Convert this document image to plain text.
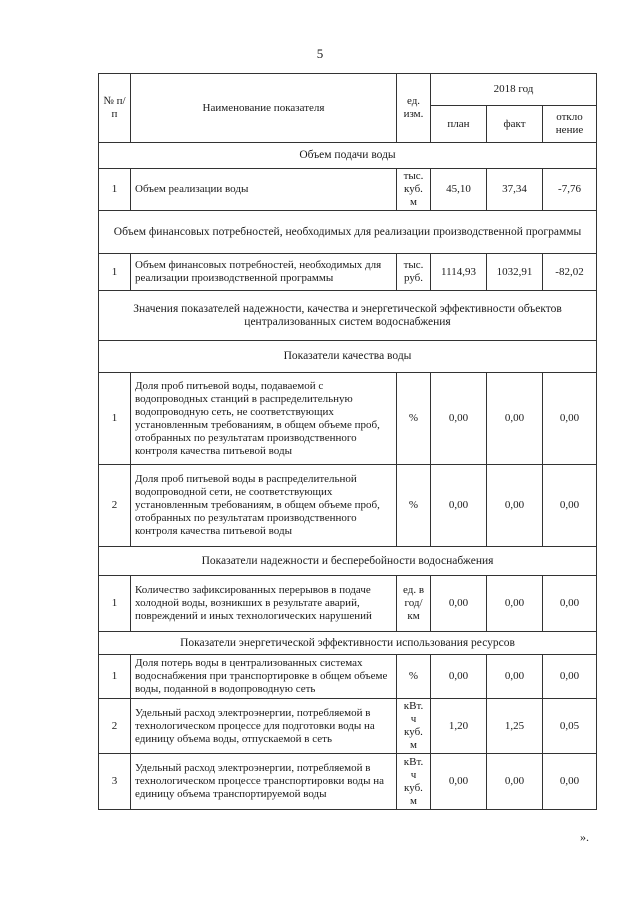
5
№ п/п	Наименование показателя	ед. изм.	2018 год		
			план	факт	откло нение
Объем подачи воды					
1	Объем реализации воды	тыс. куб. м	45,10	37,34	-7,76
Объем финансовых потребностей, необходимых для реализации производственной программы					
1	Объем финансовых потребностей, необходимых для реализации производственной программы	тыс. руб.	1114,93	1032,91	-82,02
Значения показателей надежности, качества и энергетической эффективности объектов централизованных систем водоснабжения					
Показатели качества воды					
1	Доля проб питьевой воды, подаваемой с водопроводных станций в распределительную водопроводную сеть, не соответствующих установленным требованиям, в общем объеме проб, отобранных по результатам производственного контроля качества питьевой воды	%	0,00	0,00	0,00
2	Доля проб питьевой воды в распределительной водопроводной сети, не соответствующих установленным требованиям, в общем объеме проб, отобранных по результатам производственного контроля качества питьевой воды	%	0,00	0,00	0,00
Показатели надежности и бесперебойности водоснабжения					
1	Количество зафиксированных перерывов в подаче холодной воды, возникших в результате аварий, повреждений и иных технологических нарушений	ед. в год/ км	0,00	0,00	0,00
Показатели энергетической эффективности использования ресурсов					
1	Доля потерь воды в централизованных системах водоснабжения при транспортировке в общем объеме воды, поданной в водопроводную сеть	%	0,00	0,00	0,00
2	Удельный расход электроэнергии, потребляемой в технологическом процессе для подготовки воды на единицу объема воды, отпускаемой в сеть	кВт. ч куб. м	1,20	1,25	0,05
3	Удельный расход электроэнергии, потребляемой в технологическом процессе транспортировки воды на единицу объема транспортируемой воды	кВт. ч куб. м	0,00	0,00	0,00
».
